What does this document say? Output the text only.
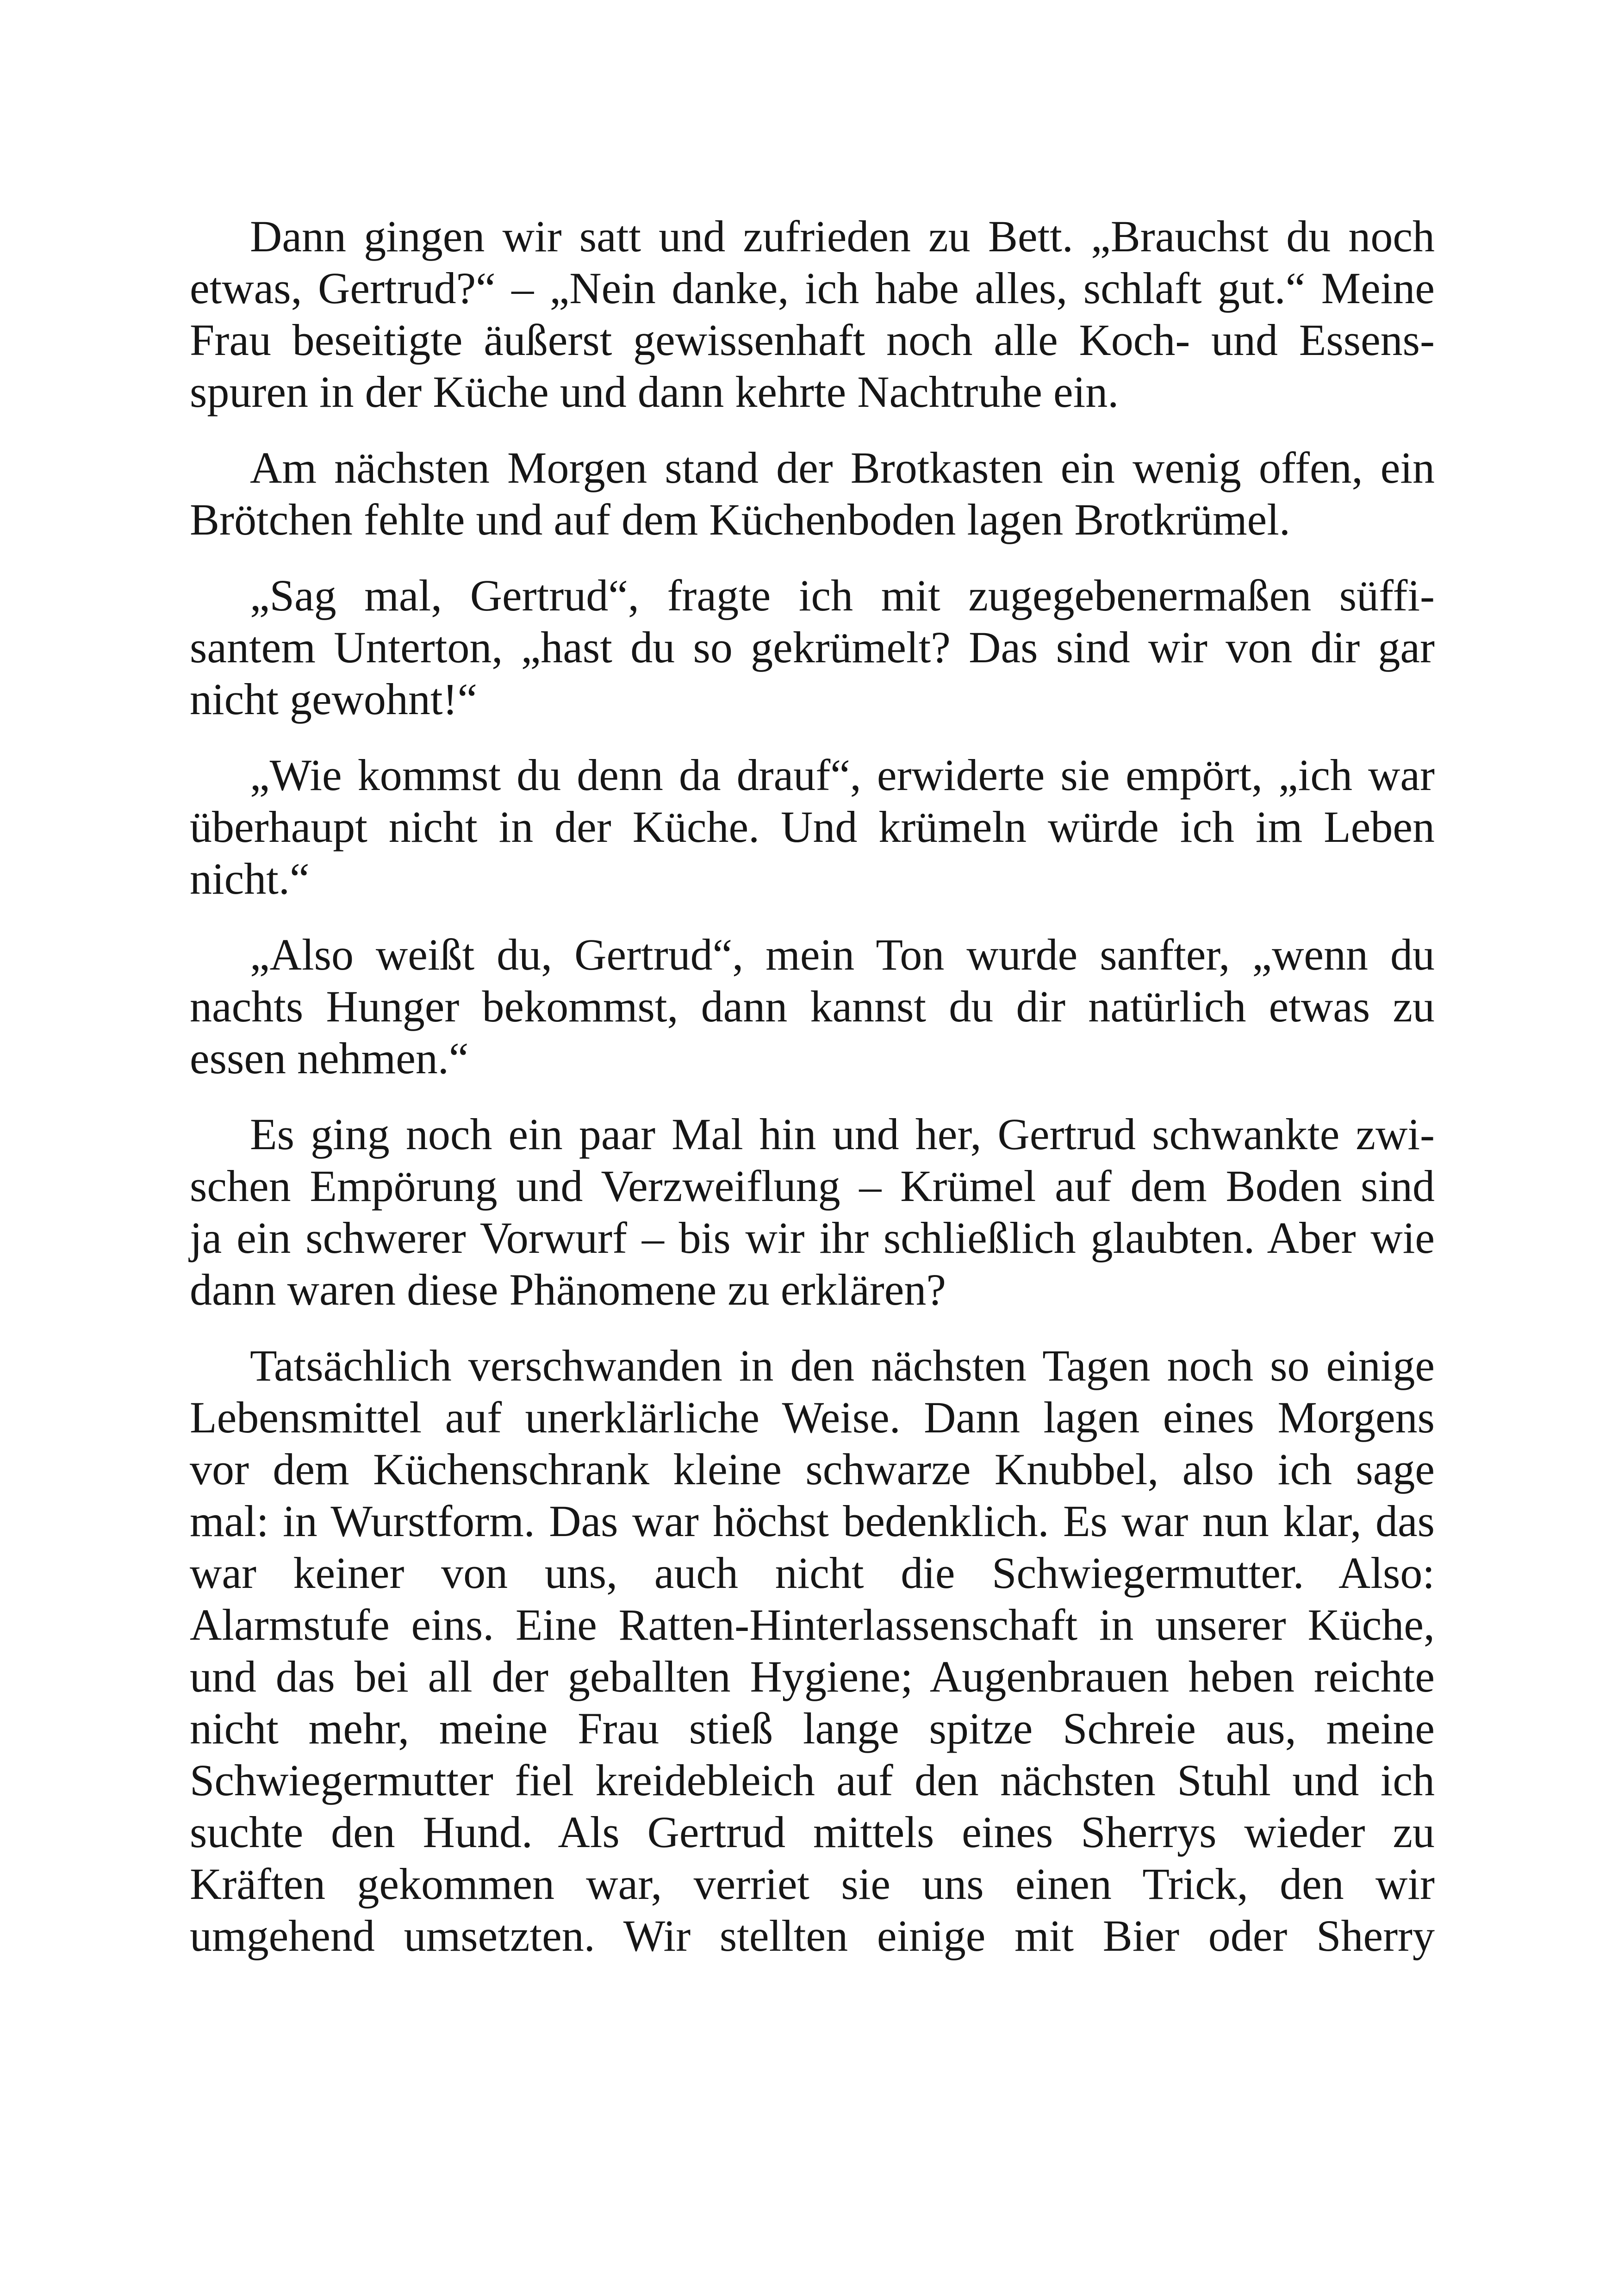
Dann gingen wir satt und zufrieden zu Bett. „Brauchst du noch
etwas, Gertrud?“ – „Nein danke, ich habe alles, schlaft gut.“ Meine
Frau beseitigte äußerst gewissenhaft noch alle Koch- und Essens-
spuren in der Küche und dann kehrte Nachtruhe ein.

Am nächsten Morgen stand der Brotkasten ein wenig offen, ein
Brötchen fehlte und auf dem Küchenboden lagen Brotkrümel.

„Sag mal, Gertrud“, fragte ich mit zugegebenermaßen süffi-
santem Unterton, „hast du so gekrümelt? Das sind wir von dir gar
nicht gewohnt!“

„Wie kommst du denn da drauf“, erwiderte sie empört, „ich war
überhaupt nicht in der Küche. Und krümeln würde ich im Leben
nicht.“

„Also weißt du, Gertrud“, mein Ton wurde sanfter, „wenn du
nachts Hunger bekommst, dann kannst du dir natürlich etwas zu
essen nehmen.“

Es ging noch ein paar Mal hin und her, Gertrud schwankte zwi-
schen Empörung und Verzweiflung – Krümel auf dem Boden sind
ja ein schwerer Vorwurf – bis wir ihr schließlich glaubten. Aber wie
dann waren diese Phänomene zu erklären?

Tatsächlich verschwanden in den nächsten Tagen noch so einige
Lebensmittel auf unerklärliche Weise. Dann lagen eines Morgens
vor dem Küchenschrank kleine schwarze Knubbel, also ich sage
mal: in Wurstform. Das war höchst bedenklich. Es war nun klar, das
war keiner von uns, auch nicht die Schwiegermutter. Also:
Alarmstufe eins. Eine Ratten-Hinterlassenschaft in unserer Küche,
und das bei all der geballten Hygiene; Augenbrauen heben reichte
nicht mehr, meine Frau stieß lange spitze Schreie aus, meine
Schwiegermutter fiel kreidebleich auf den nächsten Stuhl und ich
suchte den Hund. Als Gertrud mittels eines Sherrys wieder zu
Kräften gekommen war, verriet sie uns einen Trick, den wir
umgehend umsetzten. Wir stellten einige mit Bier oder Sherry
